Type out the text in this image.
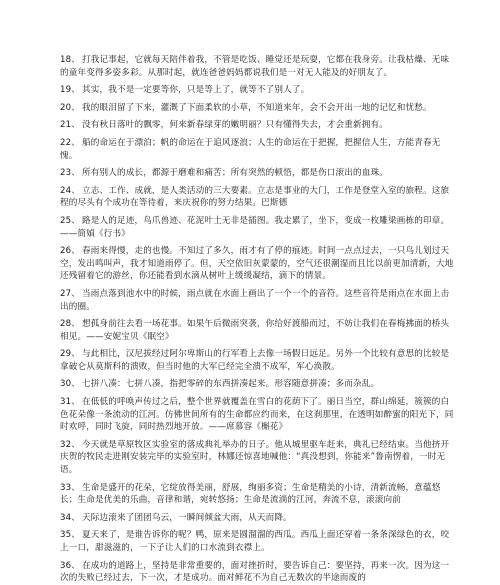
18、 打我记事起，它就每天陪伴着我，不管是吃饭、睡觉还是玩耍，它都在我身旁。让我枯燥、无味的童年变得多姿多彩。从那时起，就连爸爸妈妈都说我们是一对无人能及的好朋友了。

19、 其实，我不是一定要等你，只是等上了，就等不了别人了。

20、 我的眼泪留了下来，灌溉了下面柔软的小草，不知道来年，会不会开出一地的记忆和忧愁。

21、 没有秋日落叶的飘零，何来新春绿芽的嫩明丽？只有懂得失去，才会重新拥有。

22、 船的命运在于漂泊；帆的命运在于追风逐浪；人生的命运在于把握，把握信人生，方能青春无愧。

23、 所有别人的成长，都源于磨难和痛苦；所有突然的顿悟，都是伤口滚出的血珠。

24、 立志、工作、成就，是人类活动的三大要素。立志是事业的大门，工作是登堂入室的旅程。这旅程的尽头有个成功在等待着，来庆祝你的努力结果。巴斯德

25、 路是人的足迹，鸟爪兽迹、花泥叶土无非是插图。我走累了，坐下，变成一枚雕梁画栋的印章。——简媜《行书》

26、 春雨来得慢，走的也慢。不知过了多久，雨才有了停的痕迹。时间一点点过去，一只鸟儿划过天空，发出鸣叫声，我才知道雨停了。但，天空依旧灰蒙蒙的，空气还很潮湿而且比以前更加清新，大地还残留着它的游丝，你还能看到水滴从树叶上缓缓凝结，滴下的情景。

27、 当雨点落到池水中的时候，雨点就在水面上画出了一个一个的音符。这些音符是雨点在水面上击出的圈。

28、 想孤身前往去看一场花事。如果午后微雨突袭，你给好渡船而过，不妨让我们在春梅拂面的桥头相见。——安妮宝贝《眠空》

29、 与此相比，汉尼拔经过阿尔卑斯山的行军看上去像一场假日远足。另外一个比较有意思的比较是拿破仑从莫斯科的溃败，但当时他的大军已经完全溃不成军，军心涣散。

30、 七拼八凑：七拼八凑，指把零碎的东西拼凑起来。形容随意拼凑；多而杂乱。

31、 在低低的呼唤声传过之后，整个世界就覆盖在雪白的花荫下了。丽日当空，群山绵延，簇簇的白色花朵像一条流动的江河。仿佛世间所有的生命都应约而来，在这刹那里，在透明如醉蜜的阳光下，同时欢呼，同时飞旋，同时热烈地开放。——席慕容《槲花》

32、 今天就是草原牧区实验室的落成典礼举办的日子。他从城里驱车赶来，典礼已经结束。当他挤开庆贺的牧民走进刚安装完毕的实验室时，林娜还惊喜地喊他：“真没想到，你能来”鲁南愣着，一时无语。

33、 生命是盛开的花朵，它绽放得美丽，舒展，绚丽多资；生命是精美的小诗，清新流畅，意蕴悠长；生命是优美的乐曲，音律和谐，宛转悠扬；生命是流淌的江河，奔流不息，滚滚向前

34、 天际边滚来了团团乌云，一瞬间倾盆大雨，从天而降。

35、 夏天来了，是谁告诉你的呢？鸭，原来是圆溜溜的西瓜。西瓜上面还穿着一条条深绿色的衣，咬上一口，甜滋滋的，一下子让人们的口水流到衣襟上。

36、 在成功的道路上，坚持是非常重要的，面对挫折时，要告诉自己：要坚持，再来一次。因为这一次的失败已经过去，下一次，才是成功。面对鲜花不为自己无数次的半途而废的
